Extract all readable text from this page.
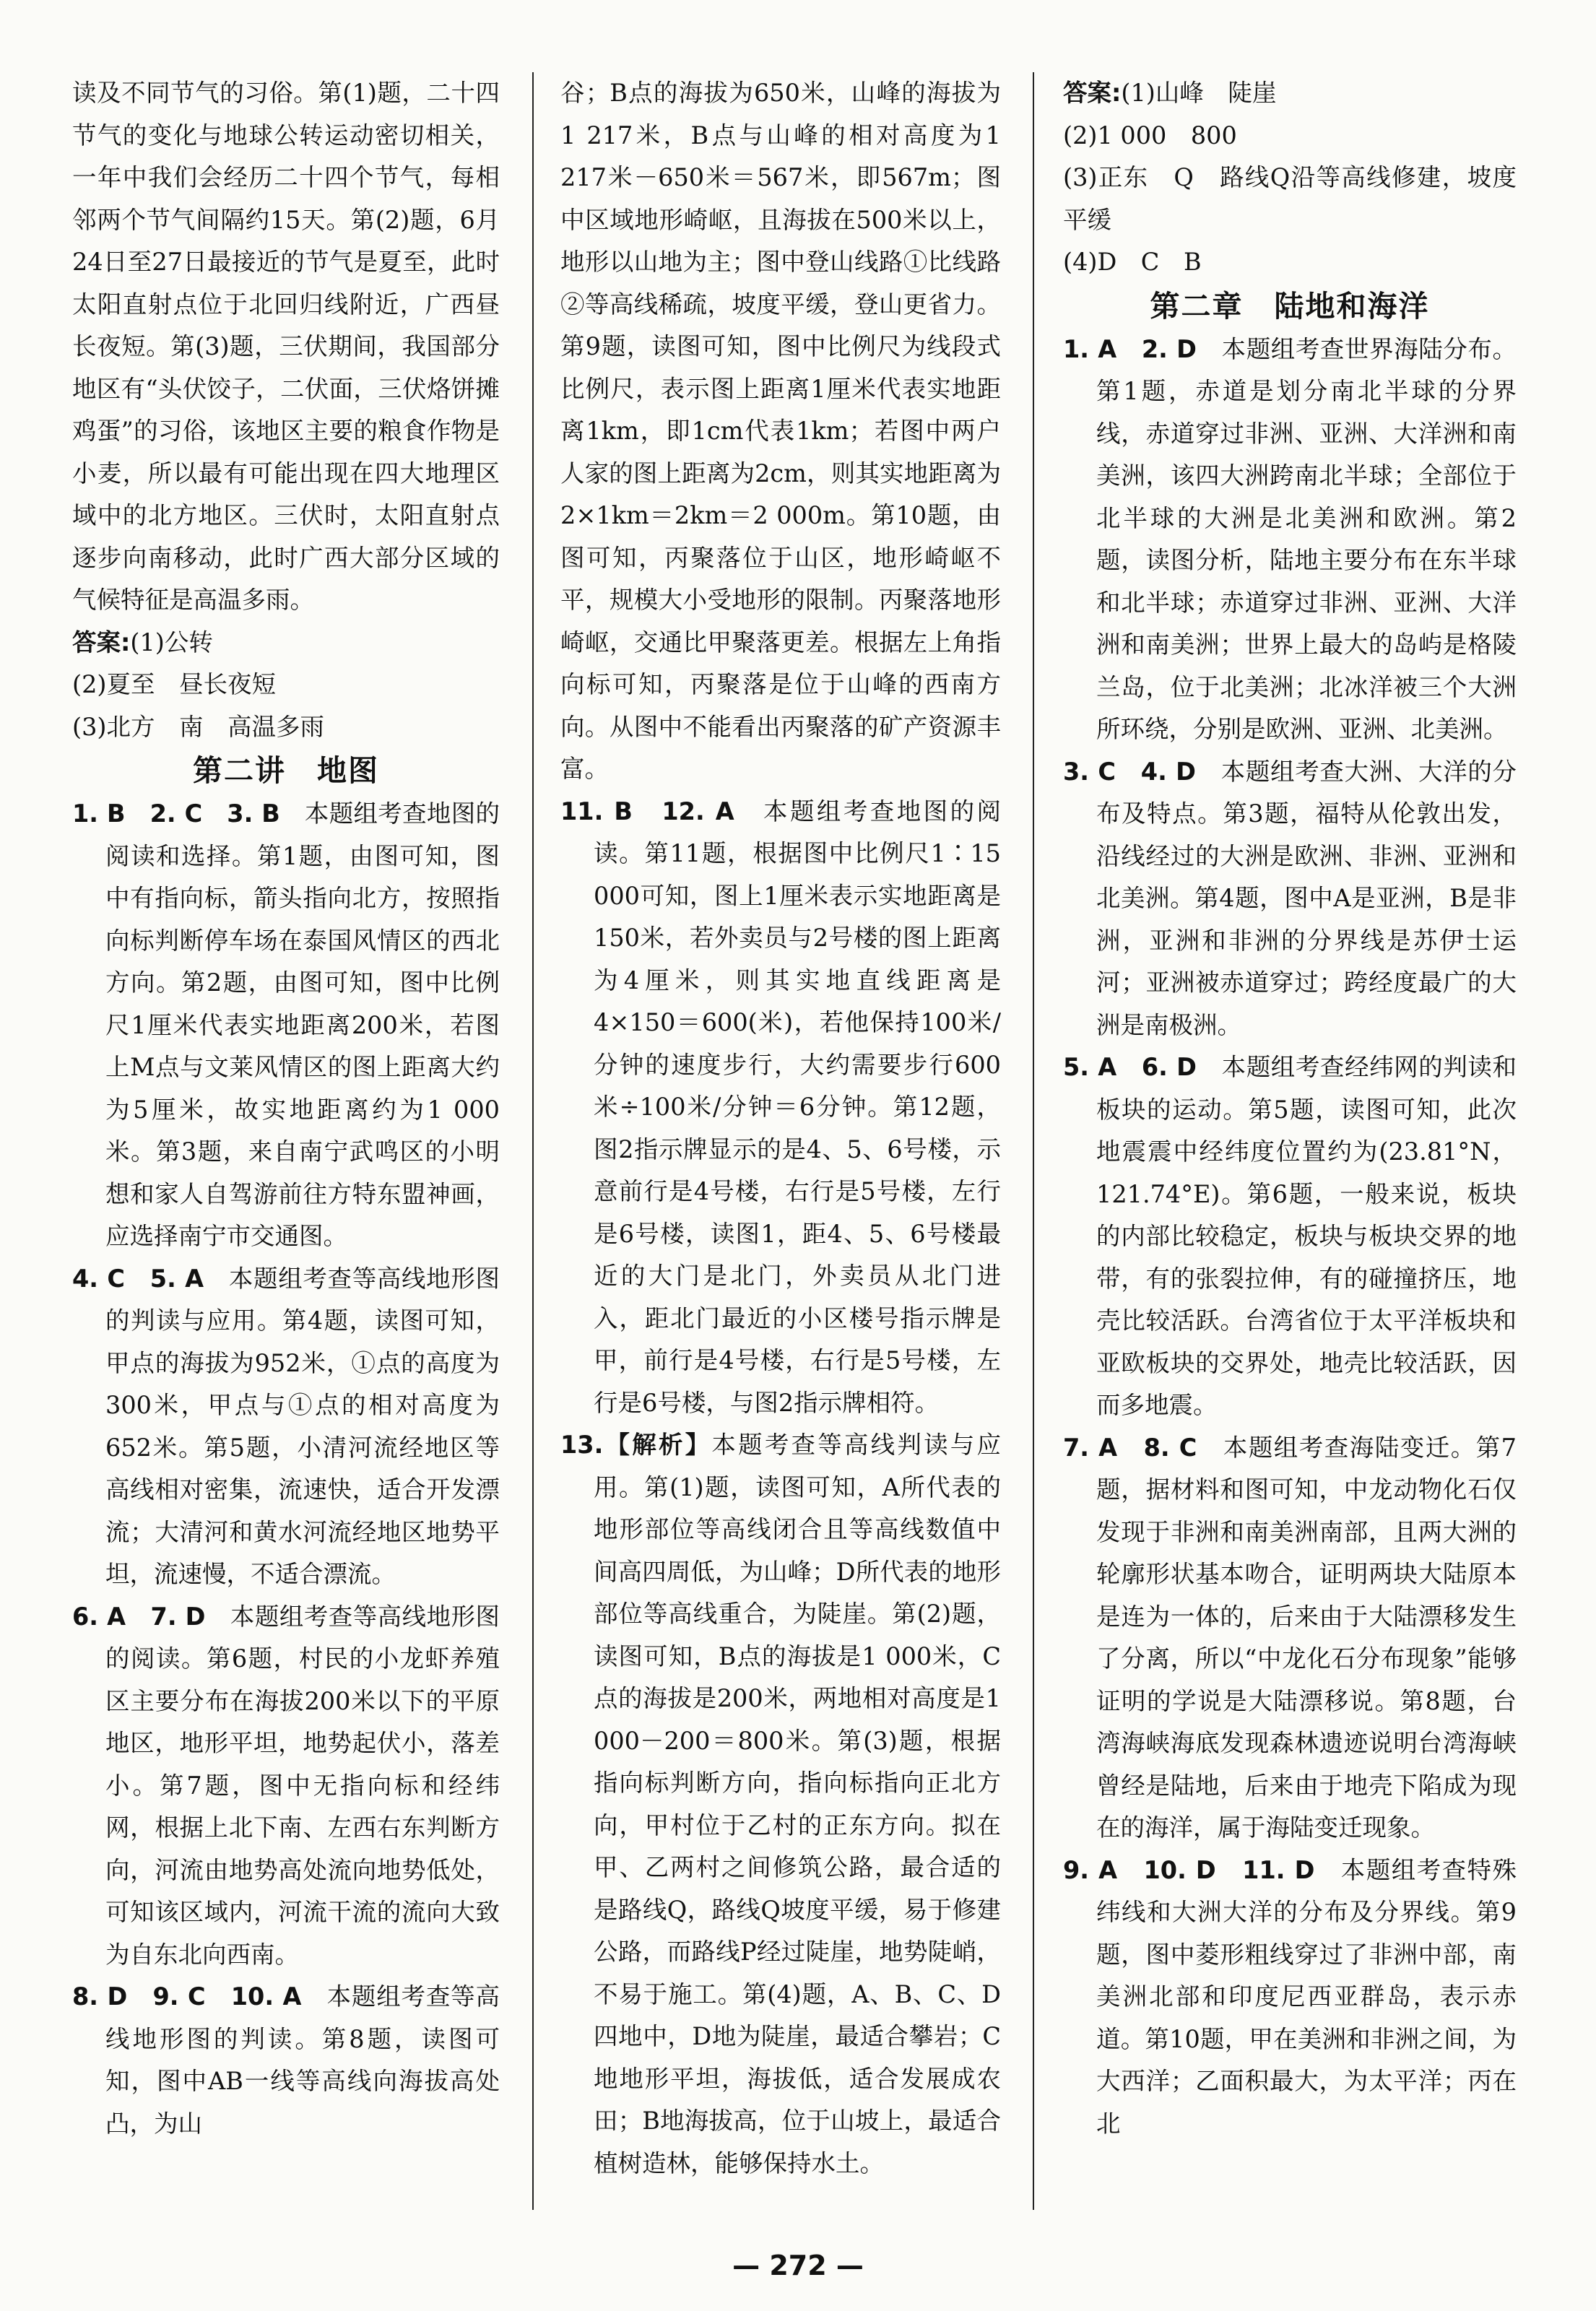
读及不同节气的习俗。第(1)题，二十四节气的变化与地球公转运动密切相关，一年中我们会经历二十四个节气，每相邻两个节气间隔约15天。第(2)题，6月24日至27日最接近的节气是夏至，此时太阳直射点位于北回归线附近，广西昼长夜短。第(3)题，三伏期间，我国部分地区有“头伏饺子，二伏面，三伏烙饼摊鸡蛋”的习俗，该地区主要的粮食作物是小麦，所以最有可能出现在四大地理区域中的北方地区。三伏时，太阳直射点逐步向南移动，此时广西大部分区域的气候特征是高温多雨。

答案:(1)公转

(2)夏至　昼长夜短

(3)北方　南　高温多雨

第二讲　地图

1. B　2. C　3. B　本题组考查地图的阅读和选择。第1题，由图可知，图中有指向标，箭头指向北方，按照指向标判断停车场在泰国风情区的西北方向。第2题，由图可知，图中比例尺1厘米代表实地距离200米，若图上M点与文莱风情区的图上距离大约为5厘米，故实地距离约为1 000米。第3题，来自南宁武鸣区的小明想和家人自驾游前往方特东盟神画，应选择南宁市交通图。

4. C　5. A　本题组考查等高线地形图的判读与应用。第4题，读图可知，甲点的海拔为952米，①点的高度为300米，甲点与①点的相对高度为652米。第5题，小清河流经地区等高线相对密集，流速快，适合开发漂流；大清河和黄水河流经地区地势平坦，流速慢，不适合漂流。

6. A　7. D　本题组考查等高线地形图的阅读。第6题，村民的小龙虾养殖区主要分布在海拔200米以下的平原地区，地形平坦，地势起伏小，落差小。第7题，图中无指向标和经纬网，根据上北下南、左西右东判断方向，河流由地势高处流向地势低处，可知该区域内，河流干流的流向大致为自东北向西南。

8. D　9. C　10. A　本题组考查等高线地形图的判读。第8题，读图可知，图中AB一线等高线向海拔高处凸，为山

谷；B点的海拔为650米，山峰的海拔为1 217米，B点与山峰的相对高度为1 217米－650米＝567米，即567m；图中区域地形崎岖，且海拔在500米以上，地形以山地为主；图中登山线路①比线路②等高线稀疏，坡度平缓，登山更省力。第9题，读图可知，图中比例尺为线段式比例尺，表示图上距离1厘米代表实地距离1km，即1cm代表1km；若图中两户人家的图上距离为2cm，则其实地距离为2×1km＝2km＝2 000m。第10题，由图可知，丙聚落位于山区，地形崎岖不平，规模大小受地形的限制。丙聚落地形崎岖，交通比甲聚落更差。根据左上角指向标可知，丙聚落是位于山峰的西南方向。从图中不能看出丙聚落的矿产资源丰富。

11. B　12. A　本题组考查地图的阅读。第11题，根据图中比例尺1∶15 000可知，图上1厘米表示实地距离是150米，若外卖员与2号楼的图上距离为4厘米，则其实地直线距离是4×150＝600(米)，若他保持100米/分钟的速度步行，大约需要步行600米÷100米/分钟＝6分钟。第12题，图2指示牌显示的是4、5、6号楼，示意前行是4号楼，右行是5号楼，左行是6号楼，读图1，距4、5、6号楼最近的大门是北门，外卖员从北门进入，距北门最近的小区楼号指示牌是甲，前行是4号楼，右行是5号楼，左行是6号楼，与图2指示牌相符。

13.【解析】本题考查等高线判读与应用。第(1)题，读图可知，A所代表的地形部位等高线闭合且等高线数值中间高四周低，为山峰；D所代表的地形部位等高线重合，为陡崖。第(2)题，读图可知，B点的海拔是1 000米，C点的海拔是200米，两地相对高度是1 000－200＝800米。第(3)题，根据指向标判断方向，指向标指向正北方向，甲村位于乙村的正东方向。拟在甲、乙两村之间修筑公路，最合适的是路线Q，路线Q坡度平缓，易于修建公路，而路线P经过陡崖，地势陡峭，不易于施工。第(4)题，A、B、C、D四地中，D地为陡崖，最适合攀岩；C地地形平坦，海拔低，适合发展成农田；B地海拔高，位于山坡上，最适合植树造林，能够保持水土。

答案:(1)山峰　陡崖

(2)1 000　800

(3)正东　Q　路线Q沿等高线修建，坡度平缓

(4)D　C　B

第二章　陆地和海洋

1. A　2. D　本题组考查世界海陆分布。第1题，赤道是划分南北半球的分界线，赤道穿过非洲、亚洲、大洋洲和南美洲，该四大洲跨南北半球；全部位于北半球的大洲是北美洲和欧洲。第2题，读图分析，陆地主要分布在东半球和北半球；赤道穿过非洲、亚洲、大洋洲和南美洲；世界上最大的岛屿是格陵兰岛，位于北美洲；北冰洋被三个大洲所环绕，分别是欧洲、亚洲、北美洲。

3. C　4. D　本题组考查大洲、大洋的分布及特点。第3题，福特从伦敦出发，沿线经过的大洲是欧洲、非洲、亚洲和北美洲。第4题，图中A是亚洲，B是非洲，亚洲和非洲的分界线是苏伊士运河；亚洲被赤道穿过；跨经度最广的大洲是南极洲。

5. A　6. D　本题组考查经纬网的判读和板块的运动。第5题，读图可知，此次地震震中经纬度位置约为(23.81°N，121.74°E)。第6题，一般来说，板块的内部比较稳定，板块与板块交界的地带，有的张裂拉伸，有的碰撞挤压，地壳比较活跃。台湾省位于太平洋板块和亚欧板块的交界处，地壳比较活跃，因而多地震。

7. A　8. C　本题组考查海陆变迁。第7题，据材料和图可知，中龙动物化石仅发现于非洲和南美洲南部，且两大洲的轮廓形状基本吻合，证明两块大陆原本是连为一体的，后来由于大陆漂移发生了分离，所以“中龙化石分布现象”能够证明的学说是大陆漂移说。第8题，台湾海峡海底发现森林遗迹说明台湾海峡曾经是陆地，后来由于地壳下陷成为现在的海洋，属于海陆变迁现象。

9. A　10. D　11. D　本题组考查特殊纬线和大洲大洋的分布及分界线。第9题，图中菱形粗线穿过了非洲中部，南美洲北部和印度尼西亚群岛，表示赤道。第10题，甲在美洲和非洲之间，为大西洋；乙面积最大，为太平洋；丙在北

— 272 —
